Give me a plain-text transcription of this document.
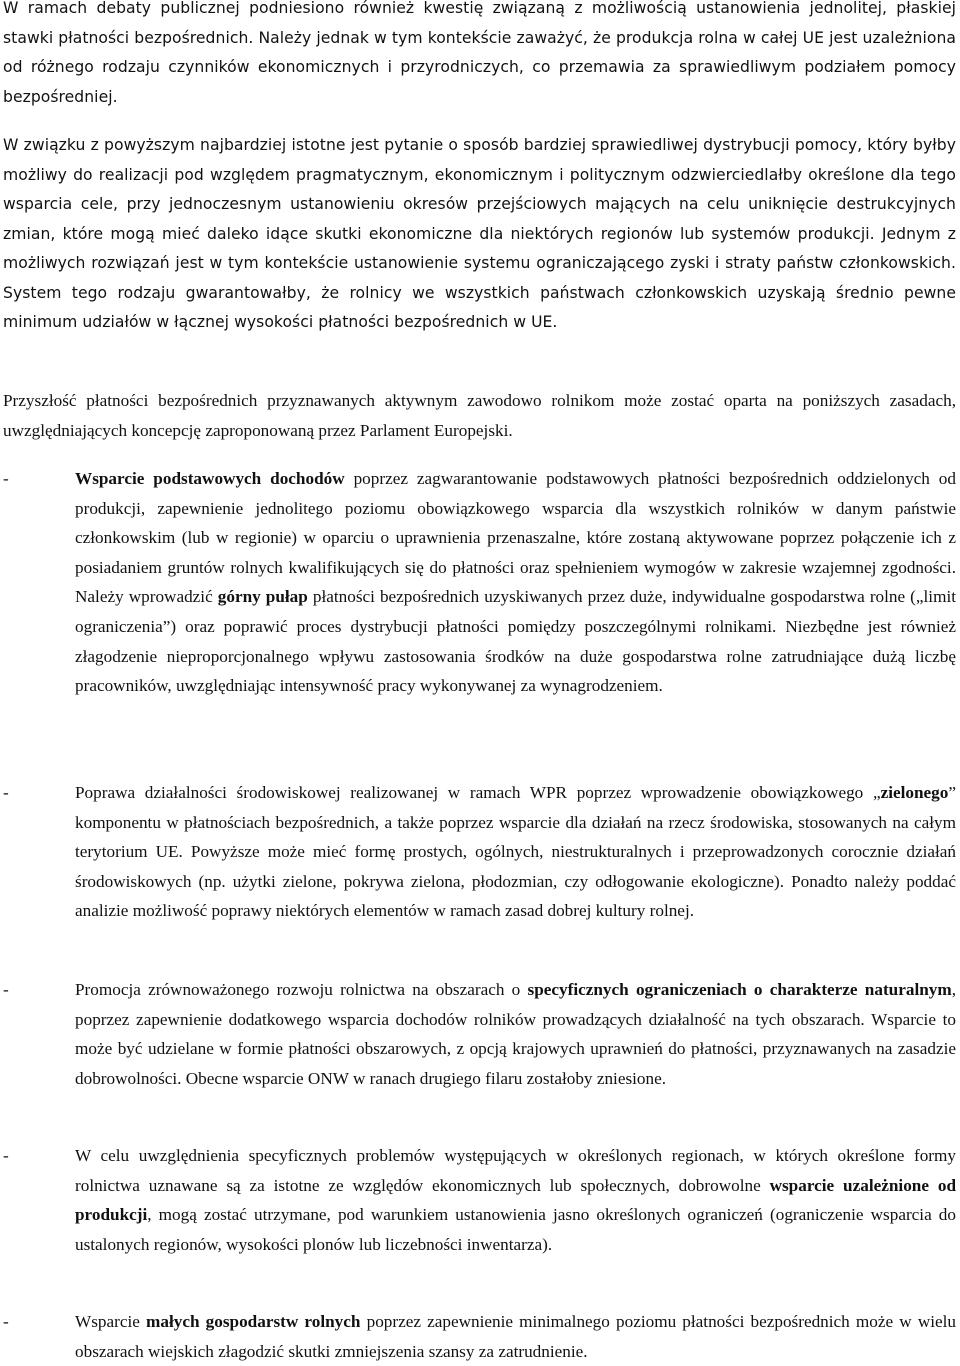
W ramach debaty publicznej podniesiono również kwestię związaną z możliwością ustanowienia jednolitej, płaskiej stawki płatności bezpośrednich. Należy jednak w tym kontekście zaważyć, że produkcja rolna w całej UE jest uzależniona od różnego rodzaju czynników ekonomicznych i przyrodniczych, co przemawia za sprawiedliwym podziałem pomocy bezpośredniej.

W związku z powyższym najbardziej istotne jest pytanie o sposób bardziej sprawiedliwej dystrybucji pomocy, który byłby możliwy do realizacji pod względem pragmatycznym, ekonomicznym i politycznym odzwierciedlałby określone dla tego wsparcia cele, przy jednoczesnym ustanowieniu okresów przejściowych mających na celu uniknięcie destrukcyjnych zmian, które mogą mieć daleko idące skutki ekonomiczne dla niektórych regionów lub systemów produkcji. Jednym z możliwych rozwiązań jest w tym kontekście ustanowienie systemu ograniczającego zyski i straty państw członkowskich. System tego rodzaju gwarantowałby, że rolnicy we wszystkich państwach członkowskich uzyskają średnio pewne minimum udziałów w łącznej wysokości płatności bezpośrednich w UE.

Przyszłość płatności bezpośrednich przyznawanych aktywnym zawodowo rolnikom może zostać oparta na poniższych zasadach, uwzględniających koncepcję zaproponowaną przez Parlament Europejski.

-	Wsparcie podstawowych dochodów poprzez zagwarantowanie podstawowych płatności bezpośrednich oddzielonych od produkcji, zapewnienie jednolitego poziomu obowiązkowego wsparcia dla wszystkich rolników w danym państwie członkowskim (lub w regionie) w oparciu o uprawnienia przenaszalne, które zostaną aktywowane poprzez połączenie ich z posiadaniem gruntów rolnych kwalifikujących się do płatności oraz spełnieniem wymogów w zakresie wzajemnej zgodności. Należy wprowadzić górny pułap płatności bezpośrednich uzyskiwanych przez duże, indywidualne gospodarstwa rolne („limit ograniczenia”) oraz poprawić proces dystrybucji płatności pomiędzy poszczególnymi rolnikami. Niezbędne jest również złagodzenie nieproporcjonalnego wpływu zastosowania środków na duże gospodarstwa rolne zatrudniające dużą liczbę pracowników, uwzględniając intensywność pracy wykonywanej za wynagrodzeniem.

-	Poprawa działalności środowiskowej realizowanej w ramach WPR poprzez wprowadzenie obowiązkowego „zielonego” komponentu w płatnościach bezpośrednich, a także poprzez wsparcie dla działań na rzecz środowiska, stosowanych na całym terytorium UE. Powyższe może mieć formę prostych, ogólnych, niestrukturalnych i przeprowadzonych corocznie działań środowiskowych (np. użytki zielone, pokrywa zielona, płodozmian, czy odłogowanie ekologiczne). Ponadto należy poddać analizie możliwość poprawy niektórych elementów w ramach zasad dobrej kultury rolnej.

-	Promocja zrównoważonego rozwoju rolnictwa na obszarach o specyficznych ograniczeniach o charakterze naturalnym, poprzez zapewnienie dodatkowego wsparcia dochodów rolników prowadzących działalność na tych obszarach. Wsparcie to może być udzielane w formie płatności obszarowych, z opcją krajowych uprawnień do płatności, przyznawanych na zasadzie dobrowolności. Obecne wsparcie ONW w ranach drugiego filaru zostałoby zniesione.

-	W celu uwzględnienia specyficznych problemów występujących w określonych regionach, w których określone formy rolnictwa uznawane są za istotne ze względów ekonomicznych lub społecznych, dobrowolne wsparcie uzależnione od produkcji, mogą zostać utrzymane, pod warunkiem ustanowienia jasno określonych ograniczeń (ograniczenie wsparcia do ustalonych regionów, wysokości plonów lub liczebności inwentarza).

-	Wsparcie małych gospodarstw rolnych poprzez zapewnienie minimalnego poziomu płatności bezpośrednich może w wielu obszarach wiejskich złagodzić skutki zmniejszenia szansy za zatrudnienie.
